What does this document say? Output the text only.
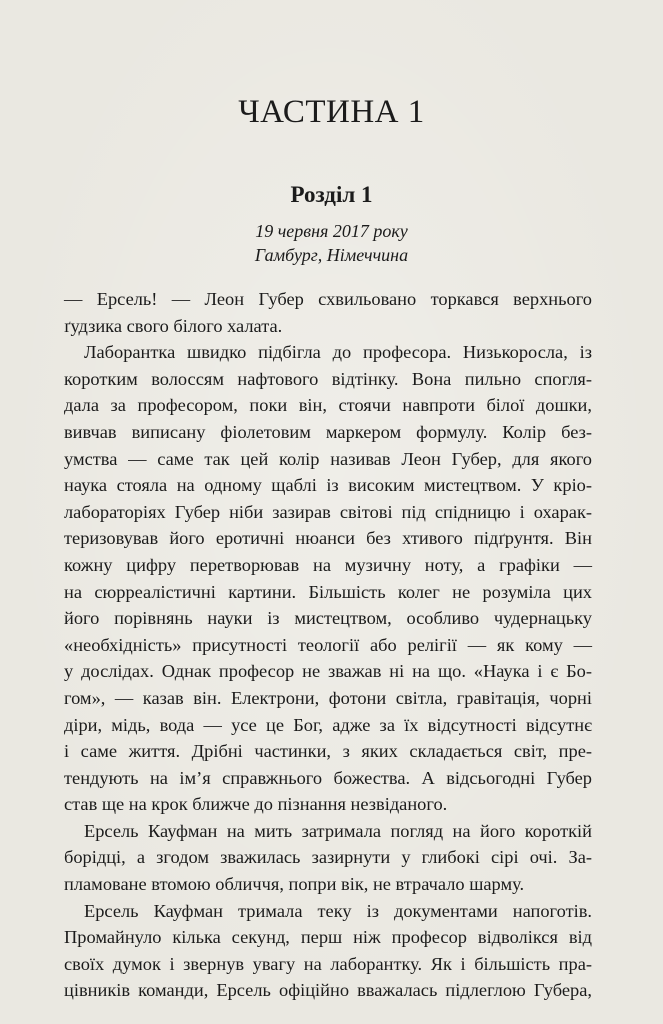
ЧАСТИНА 1
Розділ 1
19 червня 2017 року
Гамбург, Німеччина

— Ерсель! — Леон Губер схвильовано торкався верхнього
ґудзика свого білого халата.

Лаборантка швидко підбігла до професора. Низькоросла, із
коротким волоссям нафтового відтінку. Вона пильно спогля-
дала за професором, поки він, стоячи навпроти білої дошки,
вивчав виписану фіолетовим маркером формулу. Колір без-
умства — саме так цей колір називав Леон Губер, для якого
наука стояла на одному щаблі із високим мистецтвом. У кріо-
лабораторіях Губер ніби зазирав світові під спідницю і охарак-
теризовував його еротичні нюанси без хтивого підґрунтя. Він
кожну цифру перетворював на музичну ноту, а графіки —
на сюрреалістичні картини. Більшість колег не розуміла цих
його порівнянь науки із мистецтвом, особливо чудернацьку
«необхідність» присутності теології або релігії — як кому —
у дослідах. Однак професор не зважав ні на що. «Наука і є Бо-
гом», — казав він. Електрони, фотони світла, гравітація, чорні
діри, мідь, вода — усе це Бог, адже за їх відсутності відсутнє
і саме життя. Дрібні частинки, з яких складається світ, пре-
тендують на ім’я справжнього божества. А відсьогодні Губер
став ще на крок ближче до пізнання незвіданого.

Ерсель Кауфман на мить затримала погляд на його короткій
борідці, а згодом зважилась зазирнути у глибокі сірі очі. За-
пламоване втомою обличчя, попри вік, не втрачало шарму.

Ерсель Кауфман тримала теку із документами напоготів.
Промайнуло кілька секунд, перш ніж професор відволікся від
своїх думок і звернув увагу на лаборантку. Як і більшість пра-
цівників команди, Ерсель офіційно вважалась підлеглою Губера,
